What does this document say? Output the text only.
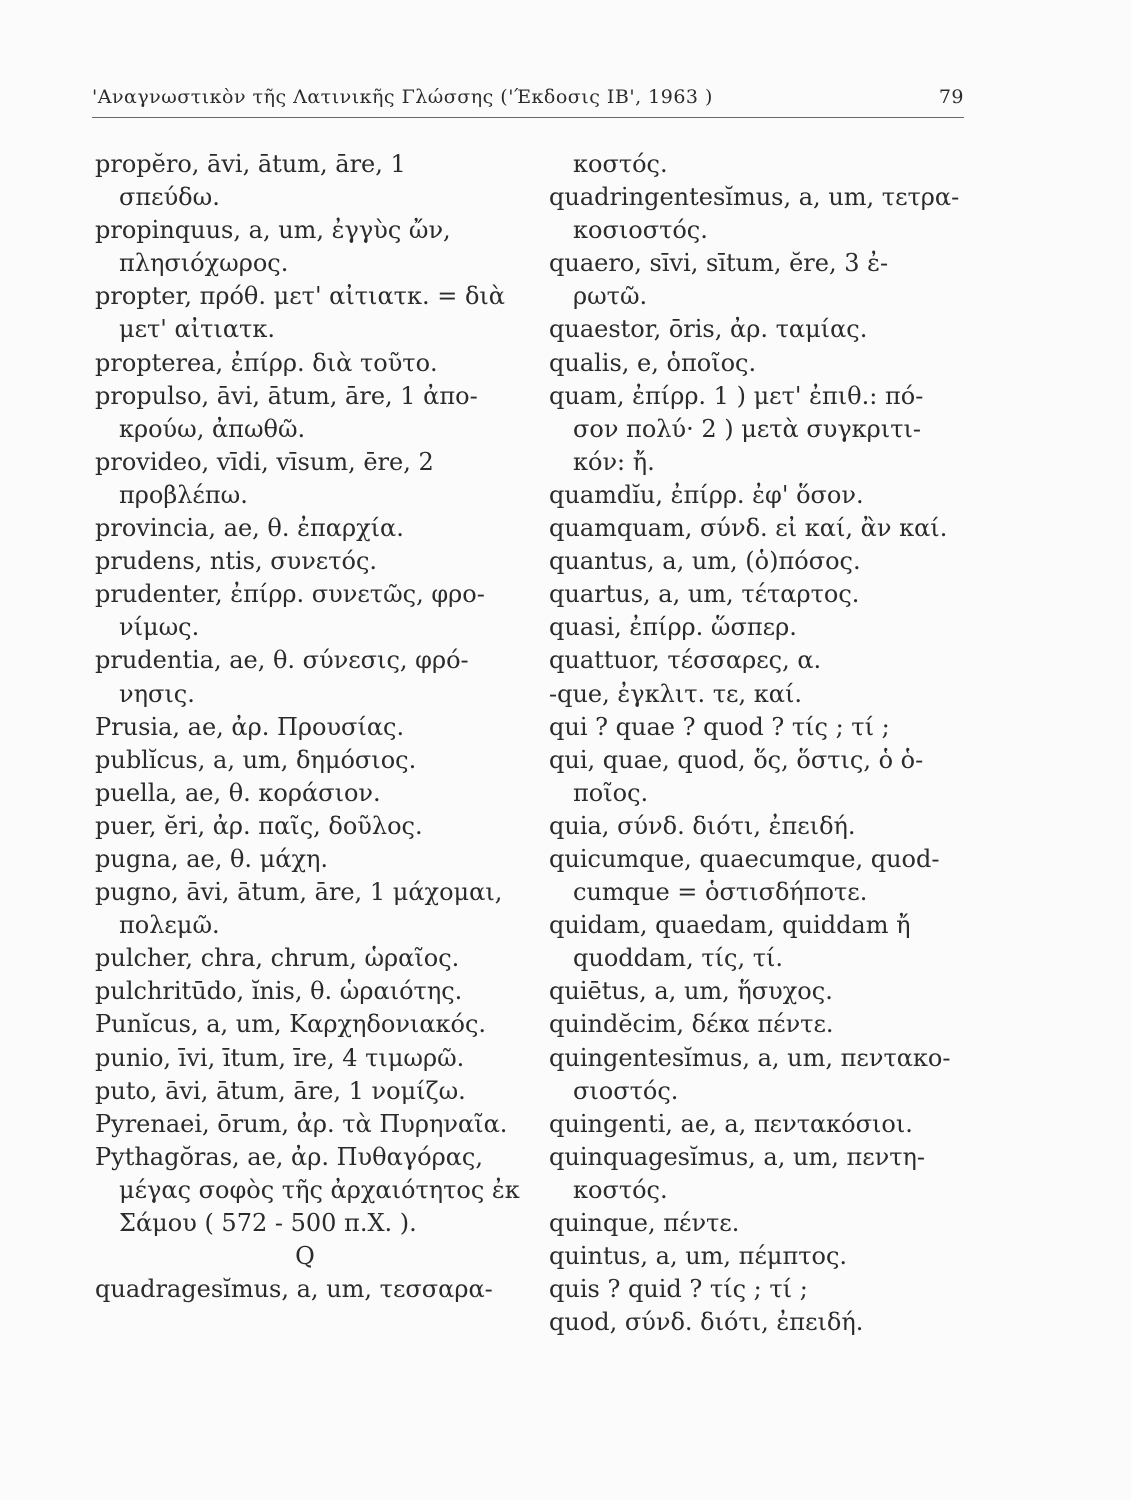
'Αναγνωστικὸν τῆς Λατινικῆς Γλώσσης ('Έκδοσις ΙΒ', 1963 )	79
propĕro, āvi, ātum, āre, 1
σπεύδω.
propinquus, a, um, ἐγγὺς ὤν,
πλησιόχωρος.
propter, πρόθ. μετ' αἰτιατκ. = διὰ
μετ' αἰτιατκ.
propterea, ἐπίρρ. διὰ τοῦτο.
propulso, āvi, ātum, āre, 1 ἀπο-
κρούω, ἀπωθῶ.
provideo, vīdi, vīsum, ēre, 2
προβλέπω.
provincia, ae, θ. ἐπαρχία.
prudens, ntis, συνετός.
prudenter, ἐπίρρ. συνετῶς, φρο-
νίμως.
prudentia, ae, θ. σύνεσις, φρό-
νησις.
Prusia, ae, ἀρ. Προυσίας.
publĭcus, a, um, δημόσιος.
puella, ae, θ. κοράσιον.
puer, ĕri, ἀρ. παῖς, δοῦλος.
pugna, ae, θ. μάχη.
pugno, āvi, ātum, āre, 1 μάχομαι,
πολεμῶ.
pulcher, chra, chrum, ὡραῖος.
pulchritūdo, ĭnis, θ. ὡραιότης.
Punĭcus, a, um, Καρχηδονιακός.
punio, īvi, ītum, īre, 4 τιμωρῶ.
puto, āvi, ātum, āre, 1 νομίζω.
Pyrenaei, ōrum, ἀρ. τὰ Πυρηναῖα.
Pythagŏras, ae, ἀρ. Πυθαγόρας,
μέγας σοφὸς τῆς ἀρχαιότητος ἐκ
Σάμου ( 572 - 500 π.Χ. ).
Q
quadragesĭmus, a, um, τεσσαρα-
κοστός.
quadringentesĭmus, a, um, τετρα-
κοσιοστός.
quaero, sīvi, sītum, ĕre, 3 ἐ-
ρωτῶ.
quaestor, ōris, ἀρ. ταμίας.
qualis, e, ὁποῖος.
quam, ἐπίρρ. 1 ) μετ' ἐπιθ.: πό-
σον πολύ· 2 ) μετὰ συγκριτι-
κόν: ἤ.
quamdĭu, ἐπίρρ. ἐφ' ὅσον.
quamquam, σύνδ. εἰ καί, ἂν καί.
quantus, a, um, (ὁ)πόσος.
quartus, a, um, τέταρτος.
quasi, ἐπίρρ. ὥσπερ.
quattuor, τέσσαρες, α.
-que, ἐγκλιτ. τε, καί.
qui ? quae ? quod ? τίς ; τί ;
qui, quae, quod, ὅς, ὅστις, ὁ ὁ-
ποῖος.
quia, σύνδ. διότι, ἐπειδή.
quicumque, quaecumque, quod-
cumque = ὁστισδήποτε.
quidam, quaedam, quiddam ἤ
quoddam, τίς, τί.
quiētus, a, um, ἥσυχος.
quindĕcim, δέκα πέντε.
quingentesĭmus, a, um, πεντακο-
σιοστός.
quingenti, ae, a, πεντακόσιοι.
quinquagesĭmus, a, um, πεντη-
κοστός.
quinque, πέντε.
quintus, a, um, πέμπτος.
quis ? quid ? τίς ; τί ;
quod, σύνδ. διότι, ἐπειδή.
